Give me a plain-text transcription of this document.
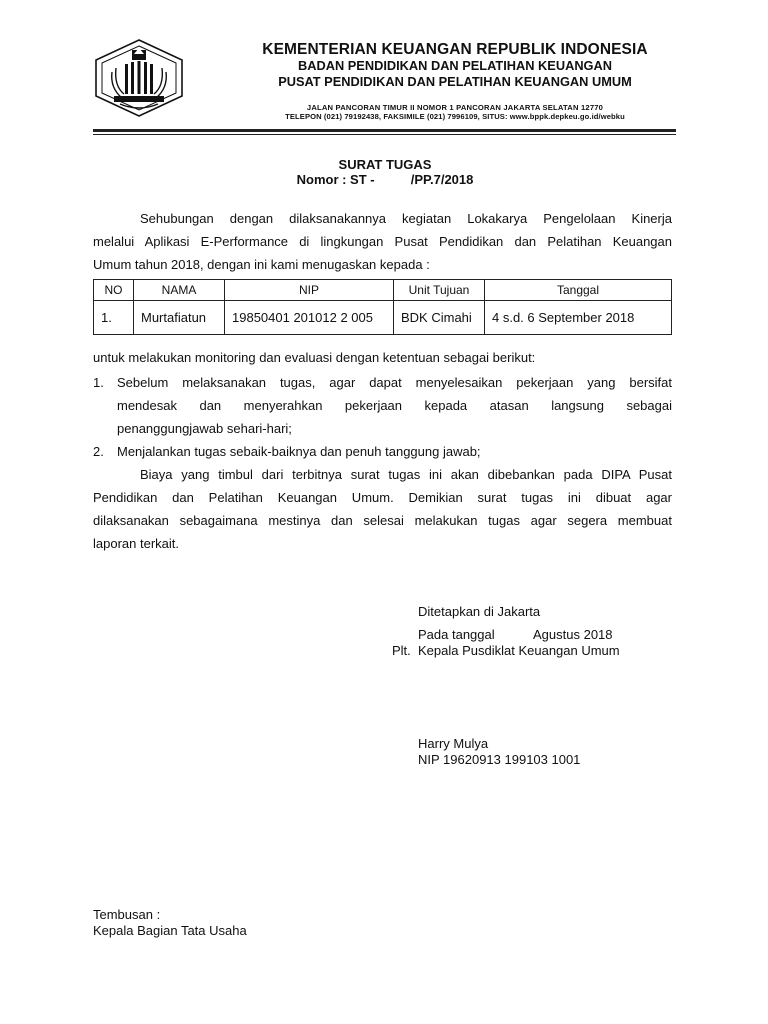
KEMENTERIAN KEUANGAN REPUBLIK INDONESIA
BADAN PENDIDIKAN DAN PELATIHAN KEUANGAN
PUSAT PENDIDIKAN DAN PELATIHAN KEUANGAN UMUM
JALAN PANCORAN TIMUR II NOMOR 1 PANCORAN JAKARTA SELATAN 12770
TELEPON (021) 79192438, FAKSIMILE (021) 7996109, SITUS: www.bppk.depkeu.go.id/webku
SURAT TUGAS
Nomor : ST -          /PP.7/2018
Sehubungan dengan dilaksanakannya kegiatan Lokakarya Pengelolaan Kinerja
melalui Aplikasi E-Performance di lingkungan Pusat Pendidikan dan Pelatihan Keuangan
Umum tahun 2018, dengan ini kami menugaskan kepada :
NO	NAMA	NIP	Unit Tujuan	Tanggal
1.	Murtafiatun	19850401 201012 2 005	BDK Cimahi	4 s.d. 6 September 2018
untuk melakukan monitoring dan evaluasi dengan ketentuan sebagai berikut:
1. Sebelum melaksanakan tugas, agar dapat menyelesaikan pekerjaan yang bersifat
mendesak dan menyerahkan pekerjaan kepada atasan langsung sebagai
penanggungjawab sehari-hari;
2. Menjalankan tugas sebaik-baiknya dan penuh tanggung jawab;
Biaya yang timbul dari terbitnya surat tugas ini akan dibebankan pada DIPA Pusat
Pendidikan dan Pelatihan Keuangan Umum. Demikian surat tugas ini dibuat agar
dilaksanakan sebagaimana mestinya dan selesai melakukan tugas agar segera membuat
laporan terkait.
Ditetapkan di Jakarta
Pada tanggal	Agustus 2018
Plt. Kepala Pusdiklat Keuangan Umum
Harry Mulya
NIP 19620913 199103 1001
Tembusan :
Kepala Bagian Tata Usaha
